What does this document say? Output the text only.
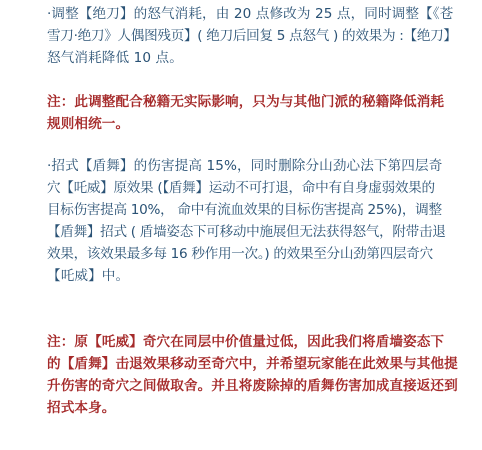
·调整【绝刀】的怒气消耗，由 20 点修改为 25 点，同时调整【《苍
雪刀·绝刀》人偶图残页】( 绝刀后回复 5 点怒气 ) 的效果为 :【绝刀】
怒气消耗降低 10 点。
注：此调整配合秘籍无实际影响，只为与其他门派的秘籍降低消耗
规则相统一。
·招式【盾舞】的伤害提高 15%，同时删除分山劲心法下第四层奇
穴【吒威】原效果 (【盾舞】运动不可打退，命中有自身虚弱效果的
目标伤害提高 10%， 命中有流血效果的目标伤害提高 25%)，调整
【盾舞】招式 ( 盾墙姿态下可移动中施展但无法获得怒气，附带击退
效果，该效果最多每 16 秒作用一次。) 的效果至分山劲第四层奇穴
【吒威】中。
注：原【吒威】奇穴在同层中价值量过低，因此我们将盾墙姿态下
的【盾舞】击退效果移动至奇穴中，并希望玩家能在此效果与其他提
升伤害的奇穴之间做取舍。并且将废除掉的盾舞伤害加成直接返还到
招式本身。
